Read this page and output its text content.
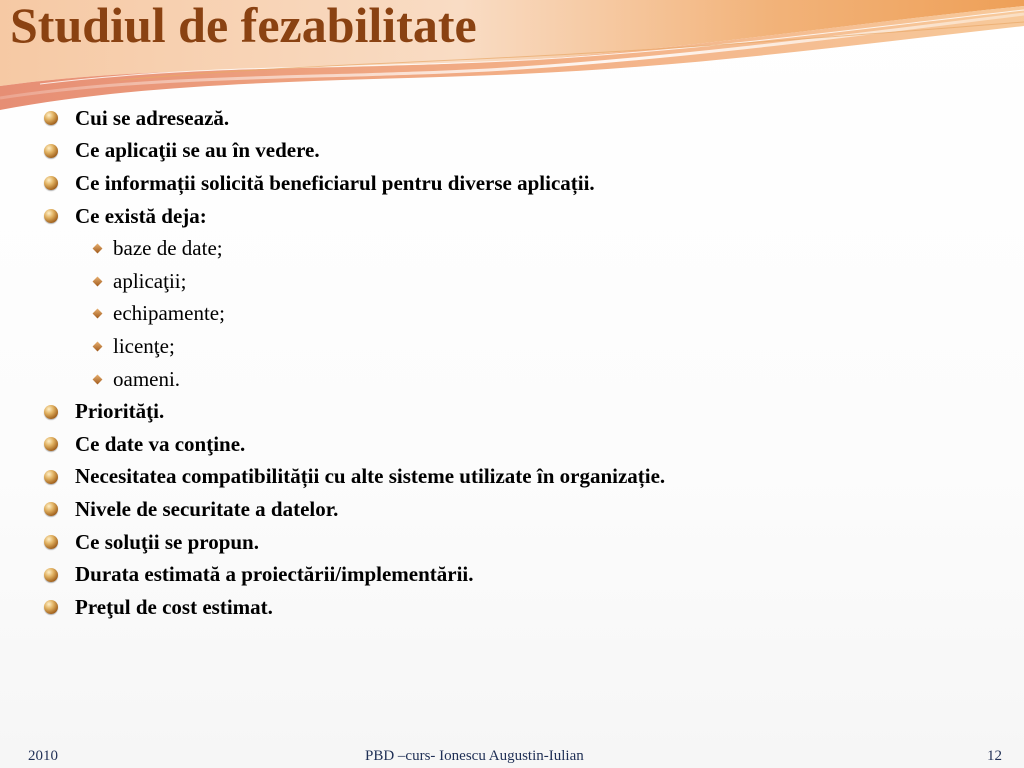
Studiul de fezabilitate
Cui se adresează.
Ce aplicaţii se au în vedere.
Ce informații solicită beneficiarul pentru diverse aplicații.
Ce există deja:
baze de date;
aplicaţii;
echipamente;
licenţe;
oameni.
Priorităţi.
Ce date va conţine.
Necesitatea compatibilității cu alte sisteme utilizate în organizație.
Nivele de securitate a datelor.
Ce soluţii se propun.
Durata estimată a proiectării/implementării.
Preţul de cost estimat.
2010	PBD –curs- Ionescu Augustin-Iulian	12
